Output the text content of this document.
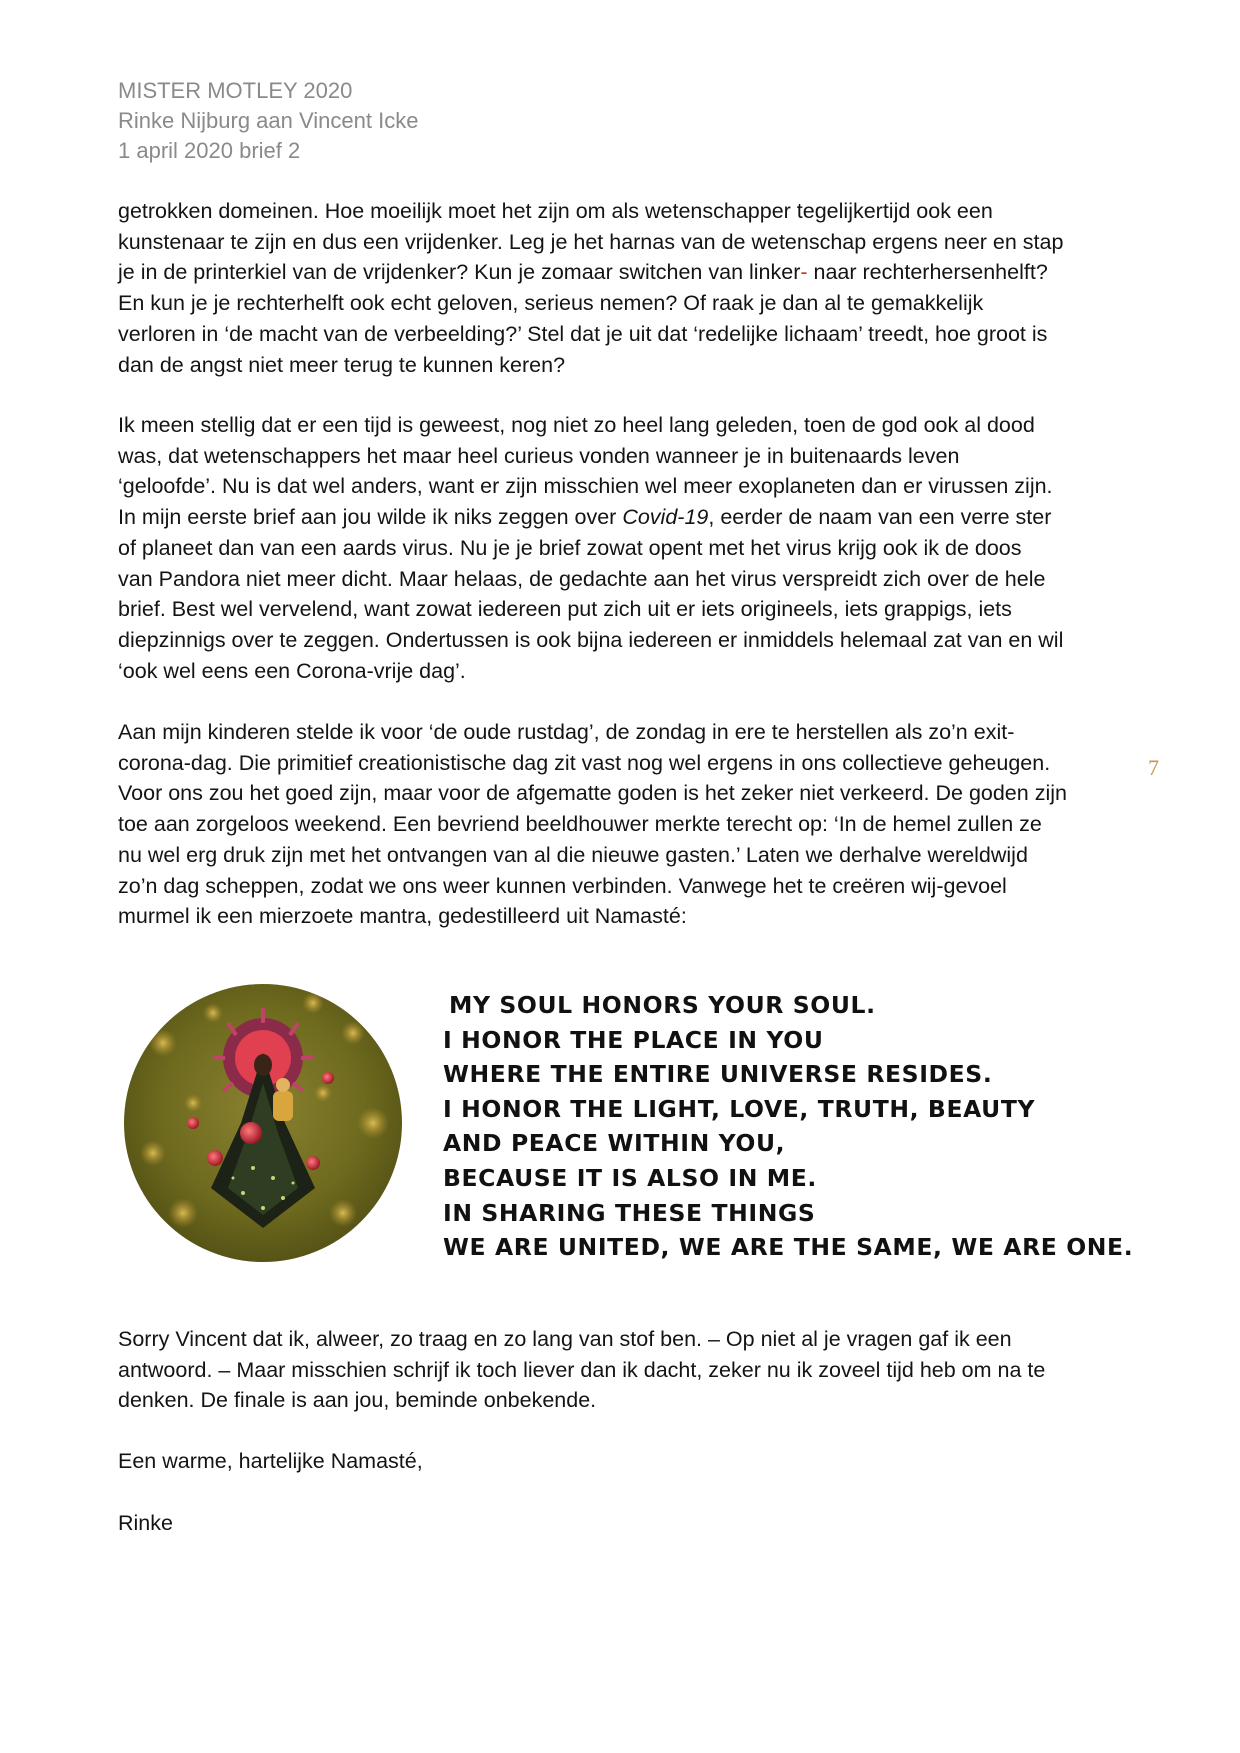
MISTER MOTLEY 2020
Rinke Nijburg aan Vincent Icke
1 april 2020 brief 2
getrokken domeinen. Hoe moeilijk moet het zijn om als wetenschapper tegelijkertijd ook een
kunstenaar te zijn en dus een vrijdenker. Leg je het harnas van de wetenschap ergens neer en stap
je in de printerkiel van de vrijdenker? Kun je zomaar switchen van linker- naar rechterhersenhelft?
En kun je je rechterhelft ook echt geloven, serieus nemen? Of raak je dan al te gemakkelijk
verloren in ‘de macht van de verbeelding?’ Stel dat je uit dat ‘redelijke lichaam’ treedt, hoe groot is
dan de angst niet meer terug te kunnen keren?
Ik meen stellig dat er een tijd is geweest, nog niet zo heel lang geleden, toen de god ook al dood
was, dat wetenschappers het maar heel curieus vonden wanneer je in buitenaards leven
‘geloofde’. Nu is dat wel anders, want er zijn misschien wel meer exoplaneten dan er virussen zijn.
In mijn eerste brief aan jou wilde ik niks zeggen over Covid-19, eerder de naam van een verre ster
of planeet dan van een aards virus. Nu je je brief zowat opent met het virus krijg ook ik de doos
van Pandora niet meer dicht. Maar helaas, de gedachte aan het virus verspreidt zich over de hele
brief. Best wel vervelend, want zowat iedereen put zich uit er iets origineels, iets grappigs, iets
diepzinnigs over te zeggen. Ondertussen is ook bijna iedereen er inmiddels helemaal zat van en wil
‘ook wel eens een Corona-vrije dag’.
Aan mijn kinderen stelde ik voor ‘de oude rustdag’, de zondag in ere te herstellen als zo’n exit-
corona-dag. Die primitief creationistische dag zit vast nog wel ergens in ons collectieve geheugen.
Voor ons zou het goed zijn, maar voor de afgematte goden is het zeker niet verkeerd. De goden zijn
toe aan zorgeloos weekend. Een bevriend beeldhouwer merkte terecht op: ‘In de hemel zullen ze
nu wel erg druk zijn met het ontvangen van al die nieuwe gasten.’ Laten we derhalve wereldwijd
zo’n dag scheppen, zodat we ons weer kunnen verbinden. Vanwege het te creëren wij-gevoel
murmel ik een mierzoete mantra, gedestilleerd uit Namasté:
7
MY SOUL HONORS YOUR SOUL.
I HONOR THE PLACE IN YOU
WHERE THE ENTIRE UNIVERSE RESIDES.
I HONOR THE LIGHT, LOVE, TRUTH, BEAUTY
AND PEACE WITHIN YOU,
BECAUSE IT IS ALSO IN ME.
IN SHARING THESE THINGS
WE ARE UNITED, WE ARE THE SAME, WE ARE ONE.
Sorry Vincent dat ik, alweer, zo traag en zo lang van stof ben. – Op niet al je vragen gaf ik een
antwoord. – Maar misschien schrijf ik toch liever dan ik dacht, zeker nu ik zoveel tijd heb om na te
denken. De finale is aan jou, beminde onbekende.
Een warme, hartelijke Namasté,
Rinke
